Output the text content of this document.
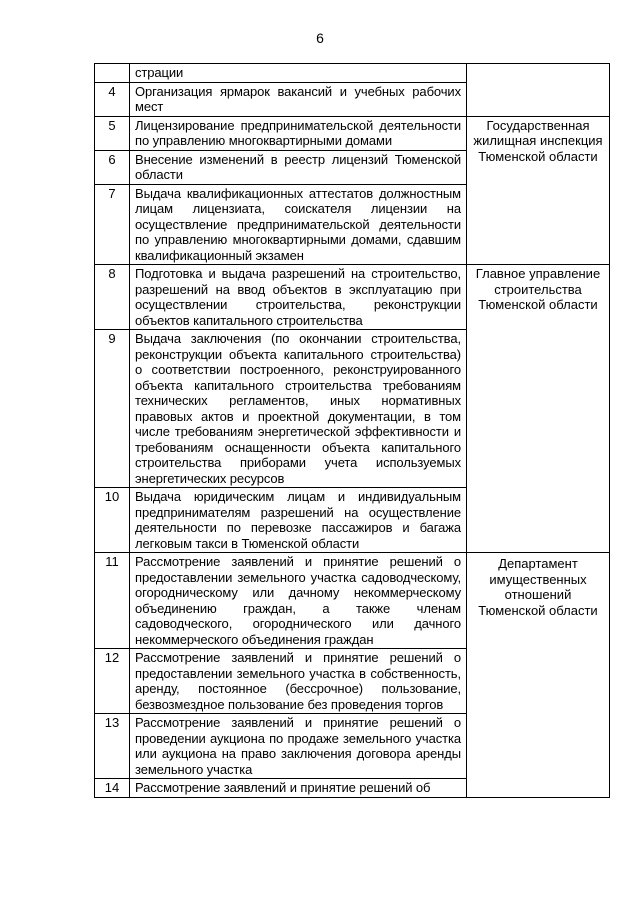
6
	страции	
4	Организация ярмарок вакансий и учебных рабочих мест	
5	Лицензирование предпринимательской деятельности по управлению многоквартирными домами	Государственная жилищная инспекция Тюменской области
6	Внесение изменений в реестр лицензий Тюменской области	
7	Выдача квалификационных аттестатов должностным лицам лицензиата, соискателя лицензии на осуществление предпринимательской деятельности по управлению многоквартирными домами, сдавшим квалификационный экзамен	
8	Подготовка и выдача разрешений на строительство, разрешений на ввод объектов в эксплуатацию при осуществлении строительства, реконструкции объектов капитального строительства	Главное управление строительства Тюменской области
9	Выдача заключения (по окончании строительства, реконструкции объекта капитального строительства) о соответствии построенного, реконструированного объекта капитального строительства требованиям технических регламентов, иных нормативных правовых актов и проектной документации, в том числе требованиям энергетической эффективности и требованиям оснащенности объекта капитального строительства приборами учета используемых энергетических ресурсов	
10	Выдача юридическим лицам и индивидуальным предпринимателям разрешений на осуществление деятельности по перевозке пассажиров и багажа легковым такси в Тюменской области	
11	Рассмотрение заявлений и принятие решений о предоставлении земельного участка садоводческому, огородническому или дачному некоммерческому объединению граждан, а также членам садоводческого, огороднического или дачного некоммерческого объединения граждан	Департамент имущественных отношений Тюменской области
12	Рассмотрение заявлений и принятие решений о предоставлении земельного участка в собственность, аренду, постоянное (бессрочное) пользование, безвозмездное пользование без проведения торгов	
13	Рассмотрение заявлений и принятие решений о проведении аукциона по продаже земельного участка или аукциона на право заключения договора аренды земельного участка	
14	Рассмотрение заявлений и принятие решений об	
